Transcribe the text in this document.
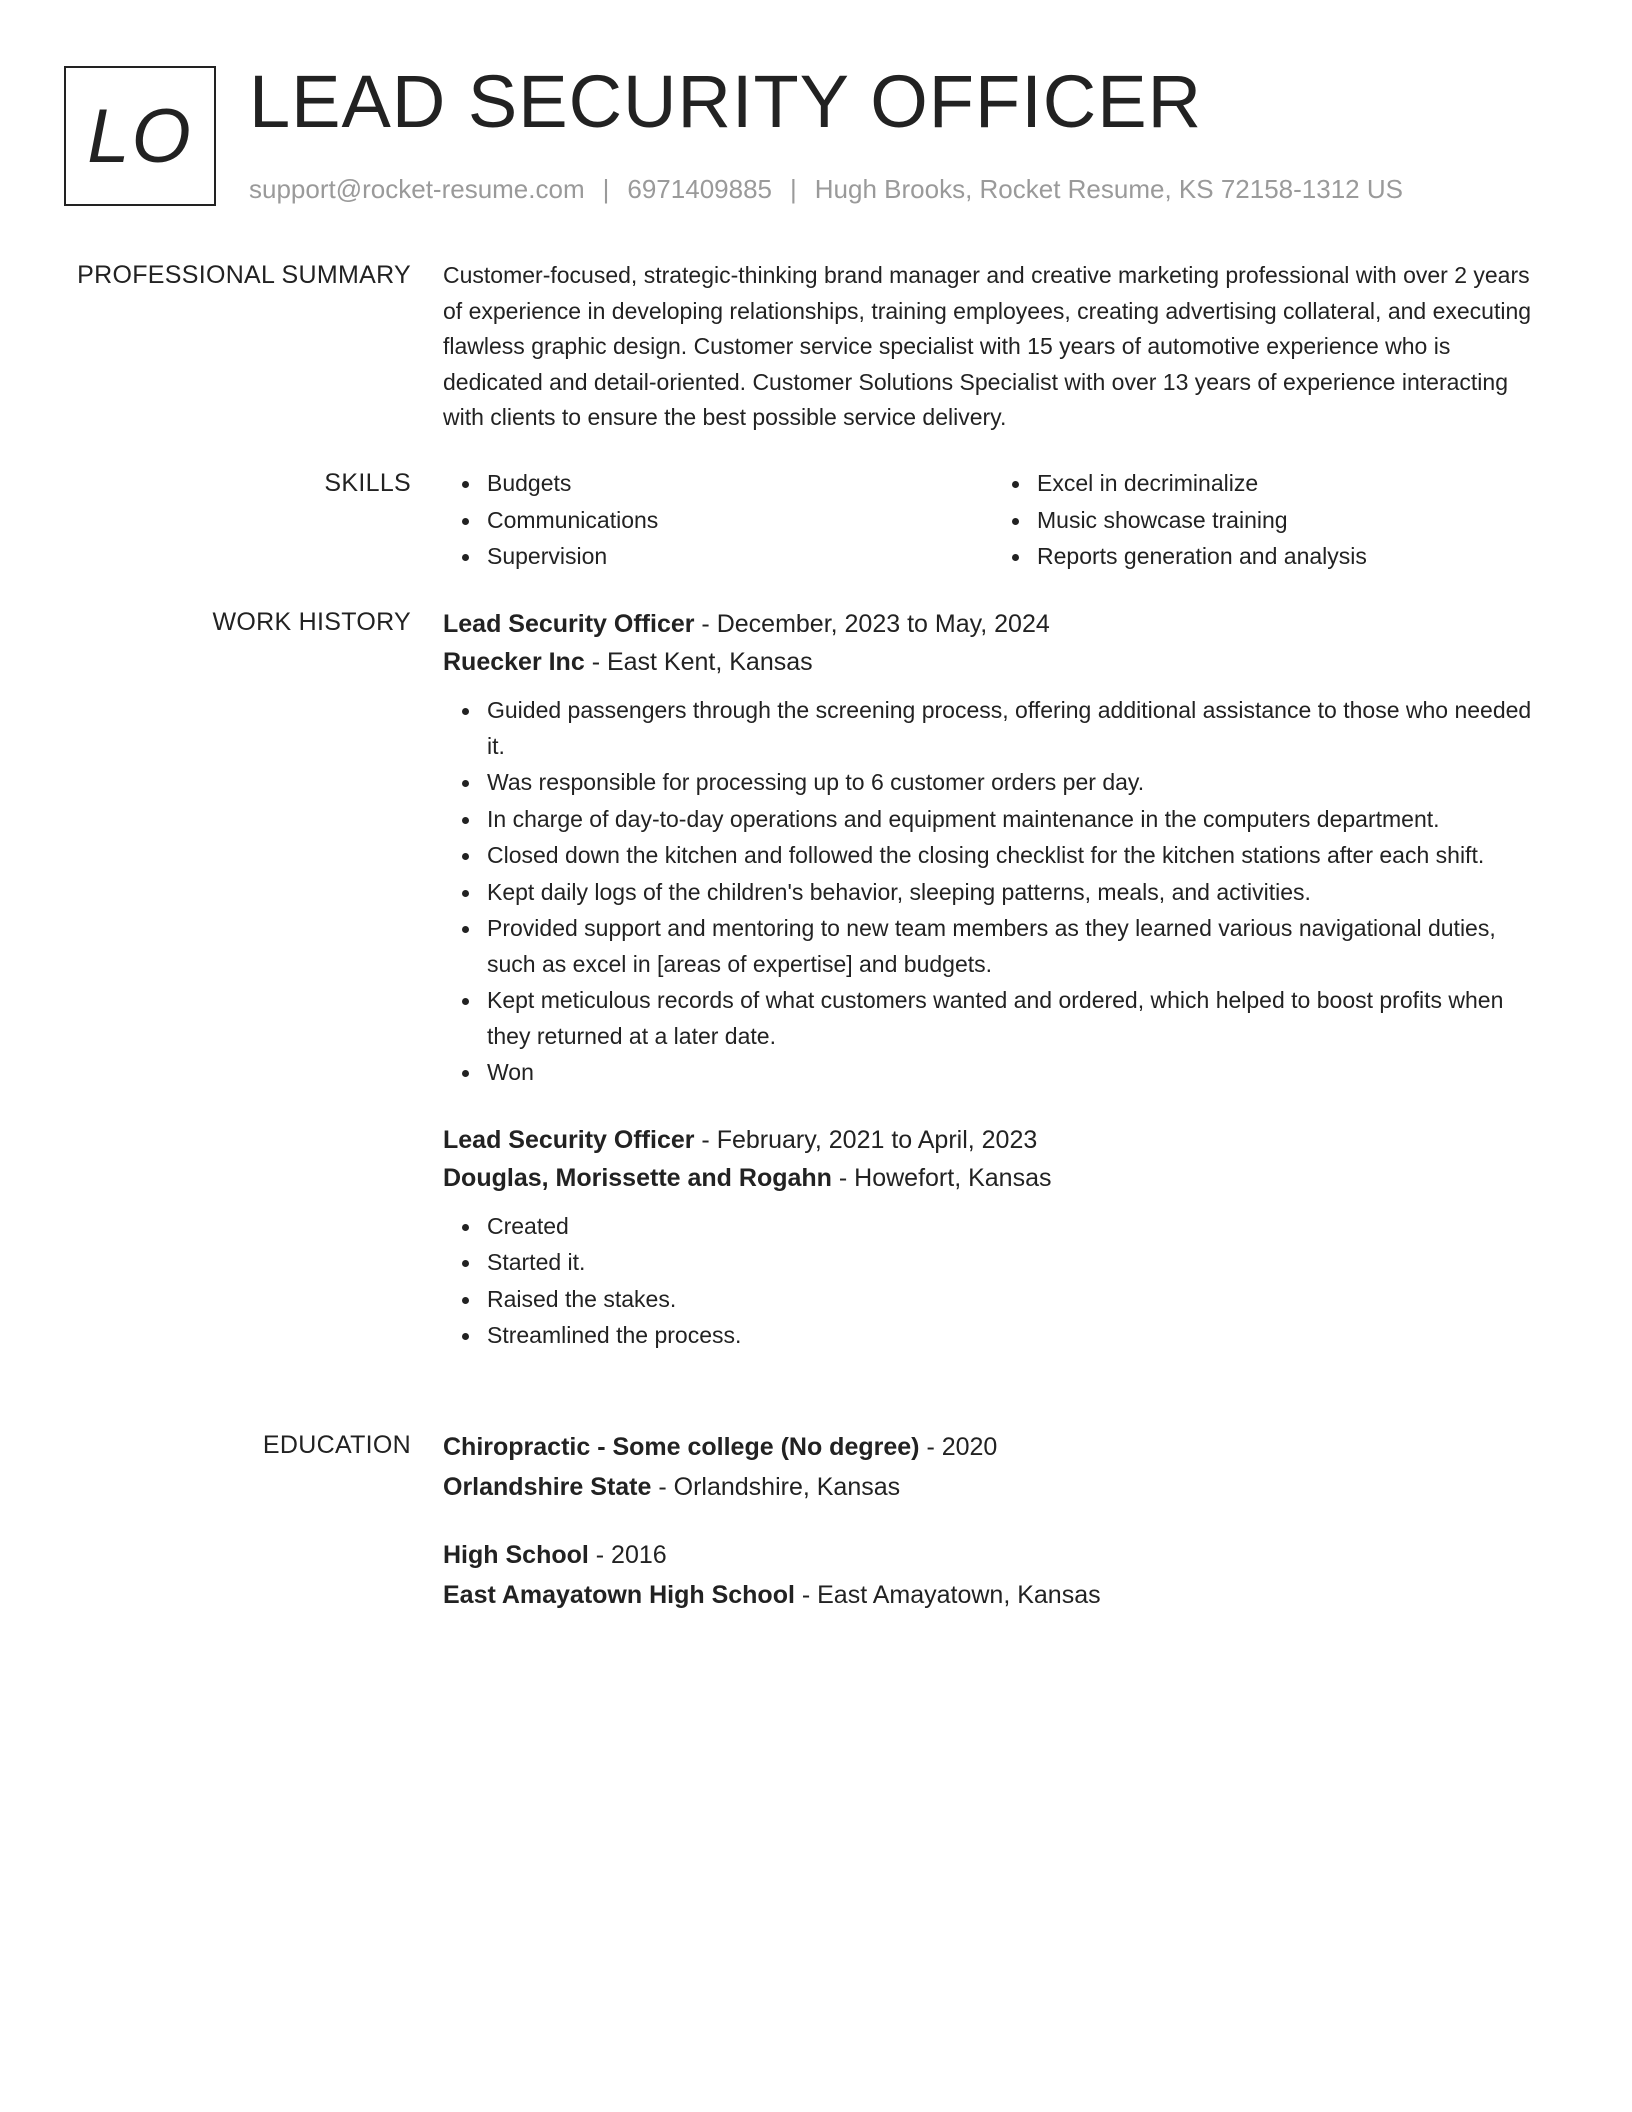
LO LEAD SECURITY OFFICER
support@rocket-resume.com | 6971409885 | Hugh Brooks, Rocket Resume, KS 72158-1312 US
PROFESSIONAL SUMMARY Customer-focused, strategic-thinking brand manager and creative marketing professional with over 2 years of experience in developing relationships, training employees, creating advertising collateral, and executing flawless graphic design. Customer service specialist with 15 years of automotive experience who is dedicated and detail-oriented. Customer Solutions Specialist with over 13 years of experience interacting with clients to ensure the best possible service delivery.

SKILLS	Budgets
Communications
Supervision
Excel in decriminalize
Music showcase training
Reports generation and analysis
WORK HISTORY Lead Security Officer - December, 2023 to May, 2024
Ruecker Inc - East Kent, Kansas
Guided passengers through the screening process, offering additional assistance to those who needed it.
Was responsible for processing up to 6 customer orders per day.
In charge of day-to-day operations and equipment maintenance in the computers department.
Closed down the kitchen and followed the closing checklist for the kitchen stations after each shift.
Kept daily logs of the children's behavior, sleeping patterns, meals, and activities.
Provided support and mentoring to new team members as they learned various navigational duties, such as excel in [areas of expertise] and budgets.
Kept meticulous records of what customers wanted and ordered, which helped to boost profits when they returned at a later date.
Won
Lead Security Officer - February, 2021 to April, 2023
Douglas, Morissette and Rogahn - Howefort, Kansas
Created
Started it.
Raised the stakes.
Streamlined the process.
EDUCATION Chiropractic - Some college (No degree) - 2020
Orlandshire State - Orlandshire, Kansas
High School - 2016
East Amayatown High School - East Amayatown, Kansas
